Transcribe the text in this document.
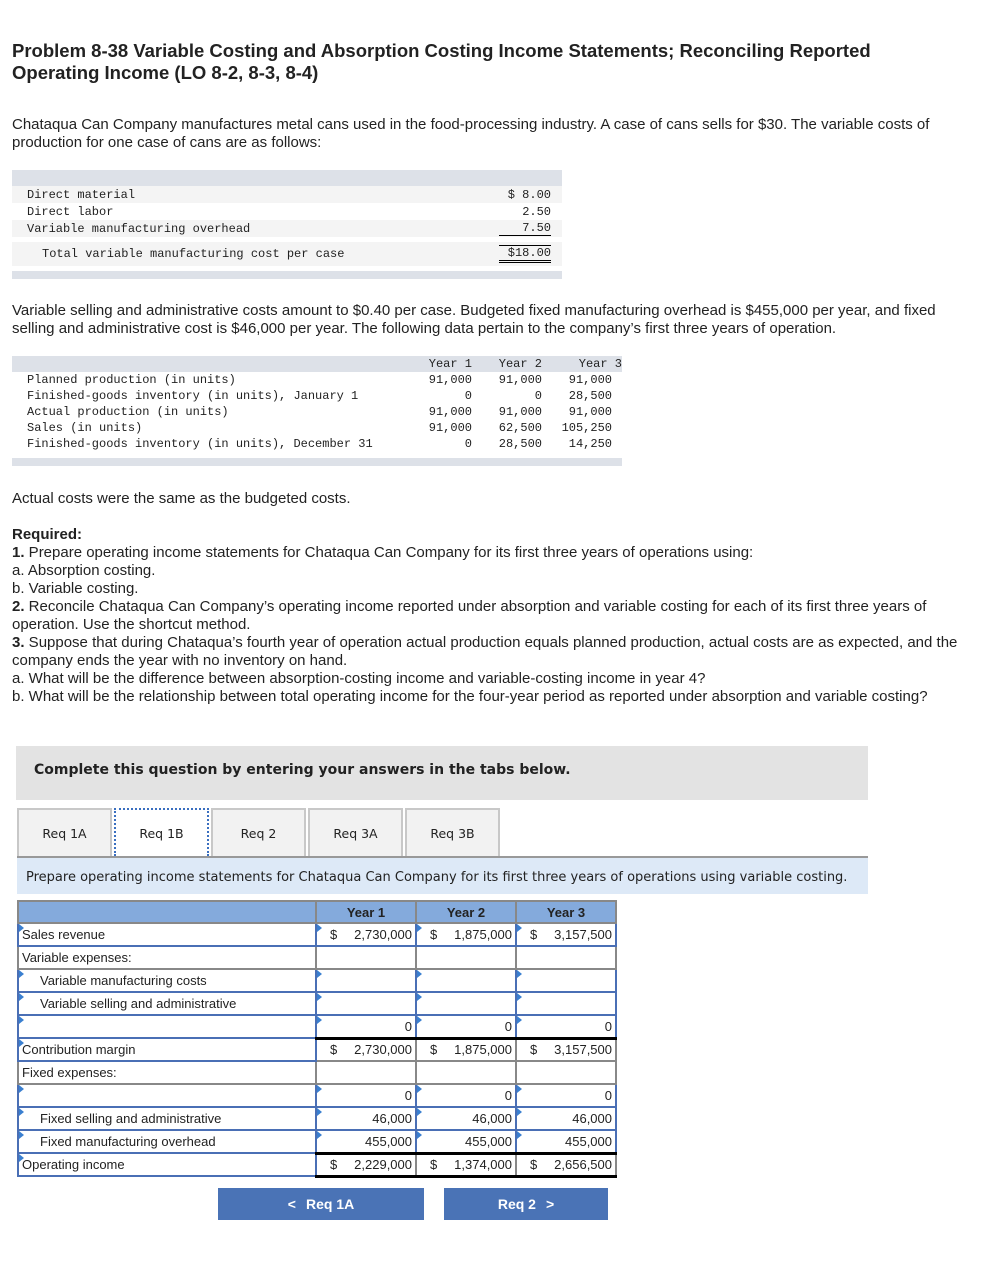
Problem 8-38 Variable Costing and Absorption Costing Income Statements; Reconciling Reported Operating Income (LO 8-2, 8-3, 8-4)
Chataqua Can Company manufactures metal cans used in the food-processing industry. A case of cans sells for $30. The variable costs of production for one case of cans are as follows:
Direct material	$ 8.00
Direct labor	2.50
Variable manufacturing overhead	7.50
Total variable manufacturing cost per case	$18.00
Variable selling and administrative costs amount to $0.40 per case. Budgeted fixed manufacturing overhead is $455,000 per year, and fixed selling and administrative cost is $46,000 per year. The following data pertain to the company’s first three years of operation.
	Year 1	Year 2	Year 3
Planned production (in units)	91,000	91,000	91,000
Finished-goods inventory (in units), January 1	0	0	28,500
Actual production (in units)	91,000	91,000	91,000
Sales (in units)	91,000	62,500	105,250
Finished-goods inventory (in units), December 31	0	28,500	14,250
Actual costs were the same as the budgeted costs.
Required:
1. Prepare operating income statements for Chataqua Can Company for its first three years of operations using:
a. Absorption costing.
b. Variable costing.
2. Reconcile Chataqua Can Company’s operating income reported under absorption and variable costing for each of its first three years of operation. Use the shortcut method.
3. Suppose that during Chataqua’s fourth year of operation actual production equals planned production, actual costs are as expected, and the company ends the year with no inventory on hand.
a. What will be the difference between absorption-costing income and variable-costing income in year 4?
b. What will be the relationship between total operating income for the four-year period as reported under absorption and variable costing?
Complete this question by entering your answers in the tabs below.
Req 1A	Req 1B	Req 2	Req 3A	Req 3B
Prepare operating income statements for Chataqua Can Company for its first three years of operations using variable costing.
	Year 1	Year 2	Year 3
Sales revenue	$ 2,730,000	$ 1,875,000	$ 3,157,500
Variable expenses:			
Variable manufacturing costs			
Variable selling and administrative			
	0	0	0
Contribution margin	$ 2,730,000	$ 1,875,000	$ 3,157,500
Fixed expenses:			
	0	0	0
Fixed selling and administrative	46,000	46,000	46,000
Fixed manufacturing overhead	455,000	455,000	455,000
Operating income	$ 2,229,000	$ 1,374,000	$ 2,656,500
< Req 1A	Req 2 >
